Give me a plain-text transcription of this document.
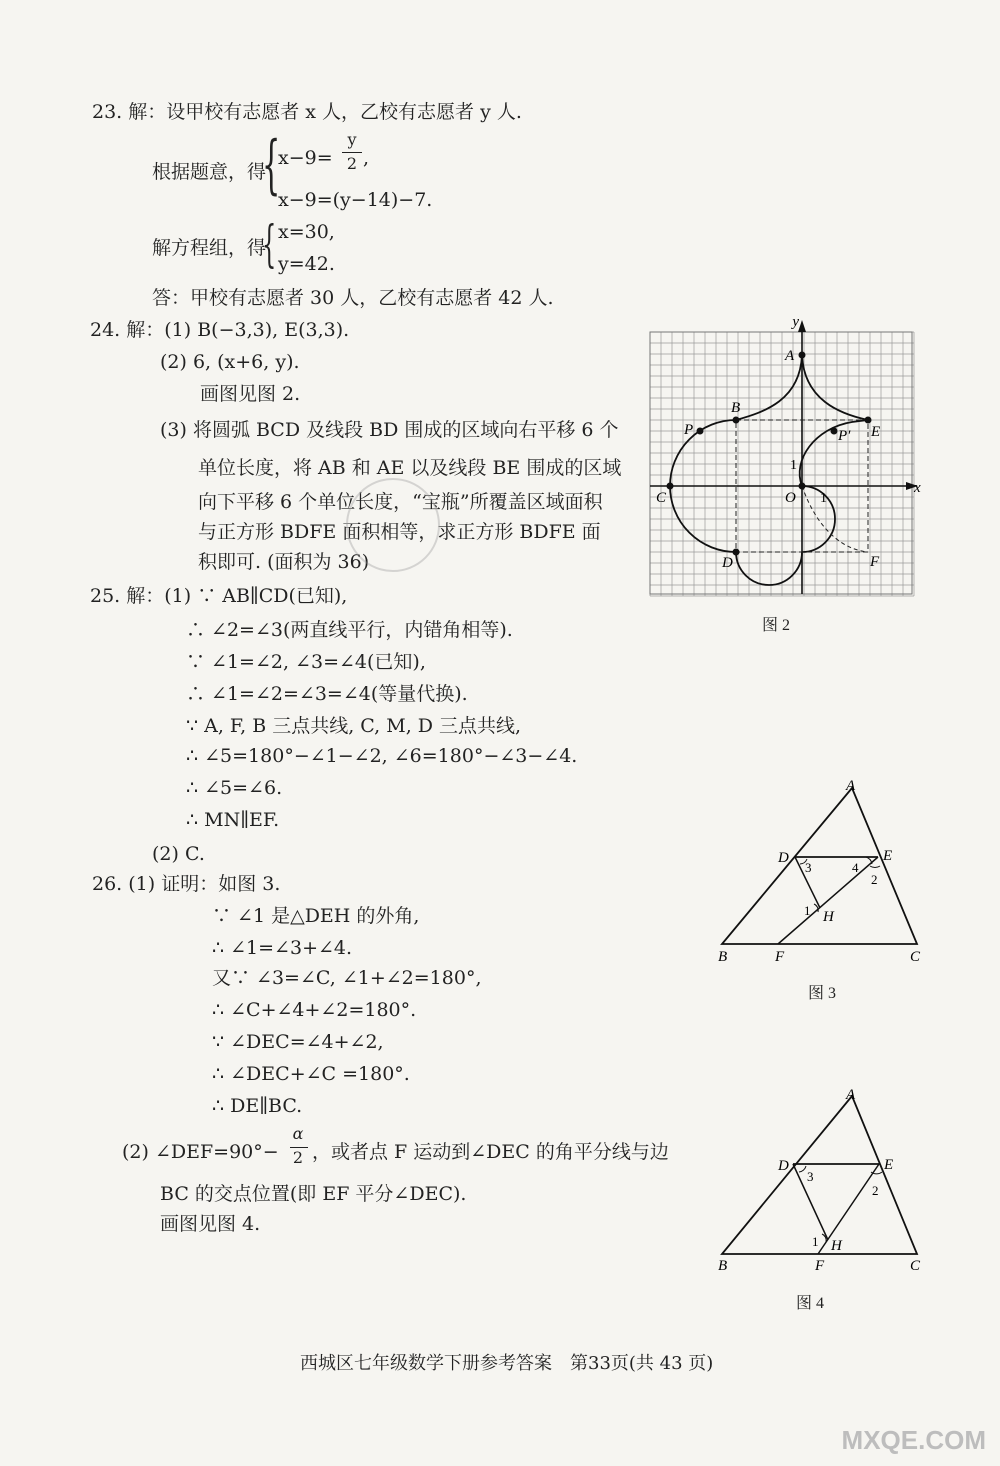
23. 解：设甲校有志愿者 x 人，乙校有志愿者 y 人.
根据题意，得
{
x−9=
y
2 ,
x−9=(y−14)−7.
解方程组，得
{ x=30,
y=42.
答：甲校有志愿者 30 人，乙校有志愿者 42 人.
24. 解：(1) B(−3,3), E(3,3).
(2) 6, (x+6, y).
画图见图 2.
(3) 将圆弧 BCD 及线段 BD 围成的区域向右平移 6 个
单位长度，将 AB 和 AE 以及线段 BE 围成的区域
向下平移 6 个单位长度，“宝瓶”所覆盖区域面积
与正方形 BDFE 面积相等，求正方形 BDFE 面
积即可. (面积为 36)
y
x
A
B
P	P′ E
C	O 1
1
D	F
图 2
25. 解：(1) ∵ AB∥CD(已知),
∴ ∠2=∠3(两直线平行，内错角相等).
∵ ∠1=∠2, ∠3=∠4(已知),
∴ ∠1=∠2=∠3=∠4(等量代换).
∵ A, F, B 三点共线, C, M, D 三点共线,
∴ ∠5=180°−∠1−∠2, ∠6=180°−∠3−∠4.
∴ ∠5=∠6.
∴ MN∥EF.
(2) C.
A
D	E
B	F	C
H
1
2
3	4
图 3
26. (1) 证明：如图 3.
∵ ∠1 是△DEH 的外角,
∴ ∠1=∠3+∠4.
又∵ ∠3=∠C, ∠1+∠2=180°,
∴ ∠C+∠4+∠2=180°.
∵ ∠DEC=∠4+∠2,
∴ ∠DEC+∠C =180°.
∴ DE∥BC.
(2) ∠DEF=90°−
α
2 ，或者点 F 运动到∠DEC 的角平分线与边
BC 的交点位置(即 EF 平分∠DEC).
画图见图 4.
A
D	E
B	F	C
H
1
2
3
图 4
西城区七年级数学下册参考答案　第33页(共 43 页)
MXQE.COM
